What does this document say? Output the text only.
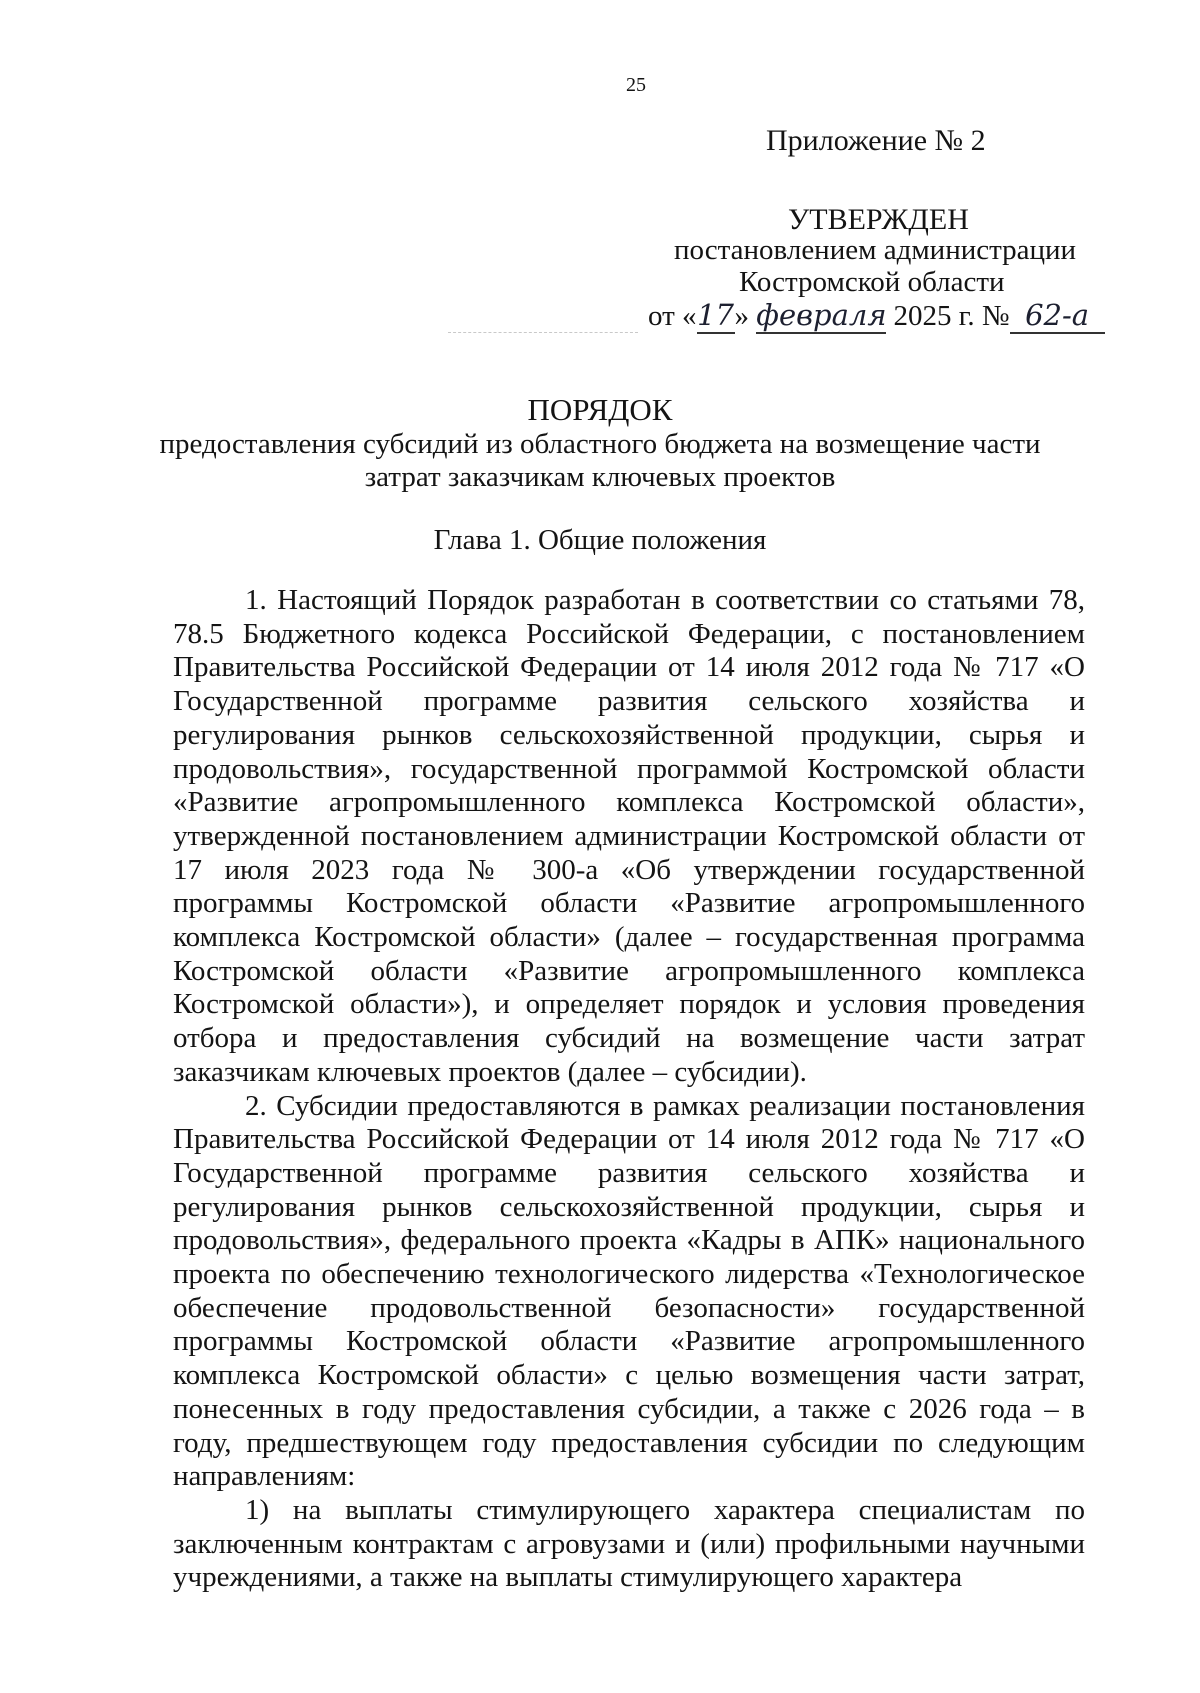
25
Приложение № 2
УТВЕРЖДЕН
постановлением администрации
Костромской области
от «17» февраля 2025 г. № 62-а
ПОРЯДОК
предоставления субсидий из областного бюджета на возмещение части затрат заказчикам ключевых проектов
Глава 1. Общие положения

1. Настоящий Порядок разработан в соответствии со статьями 78, 78.5 Бюджетного кодекса Российской Федерации, с постановлением Правительства Российской Федерации от 14 июля 2012 года № 717 «О Государственной программе развития сельского хозяйства и регулирования рынков сельскохозяйственной продукции, сырья и продовольствия», государственной программой Костромской области «Развитие агропромышленного комплекса Костромской области», утвержденной постановлением администрации Костромской области от 17 июля 2023 года № 300-а «Об утверждении государственной программы Костромской области «Развитие агропромышленного комплекса Костромской области» (далее – государственная программа Костромской области «Развитие агропромышленного комплекса Костромской области»), и определяет порядок и условия проведения отбора и предоставления субсидий на возмещение части затрат заказчикам ключевых проектов (далее – субсидии).

2. Субсидии предоставляются в рамках реализации постановления Правительства Российской Федерации от 14 июля 2012 года № 717 «О Государственной программе развития сельского хозяйства и регулирования рынков сельскохозяйственной продукции, сырья и продовольствия», федерального проекта «Кадры в АПК» национального проекта по обеспечению технологического лидерства «Технологическое обеспечение продовольственной безопасности» государственной программы Костромской области «Развитие агропромышленного комплекса Костромской области» с целью возмещения части затрат, понесенных в году предоставления субсидии, а также с 2026 года – в году, предшествующем году предоставления субсидии по следующим направлениям:

1) на выплаты стимулирующего характера специалистам по заключенным контрактам с агровузами и (или) профильными научными учреждениями, а также на выплаты стимулирующего характера
